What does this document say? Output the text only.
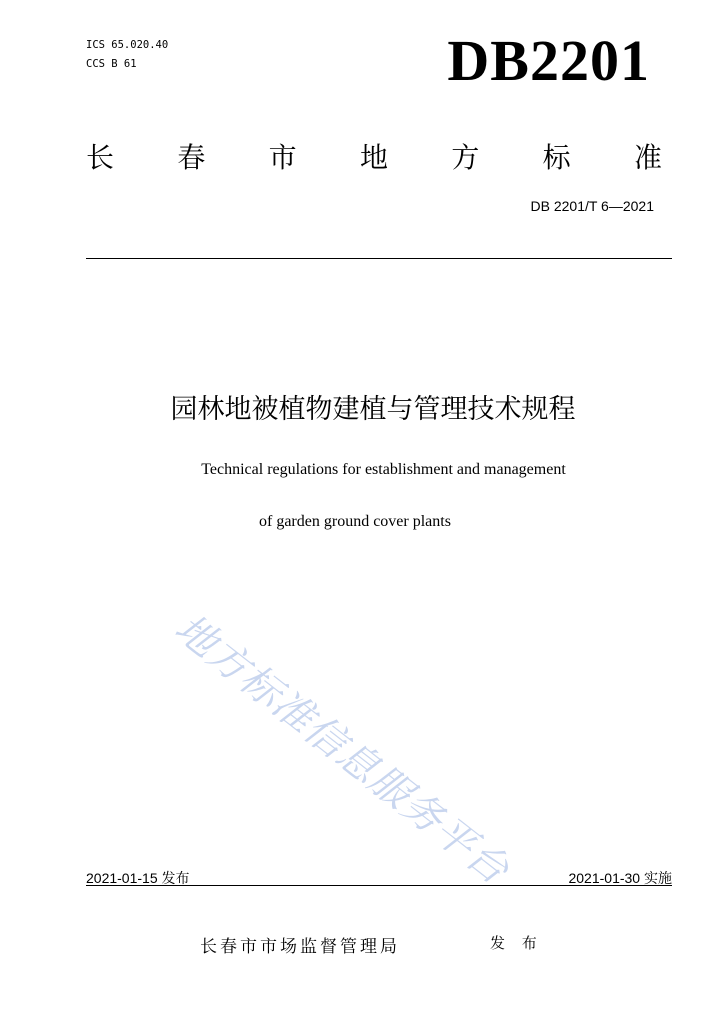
ICS 65.020.40
CCS B 61	DB2201
长 春 市 地 方 标 准
DB 2201/T 6—2021
园林地被植物建植与管理技术规程
Technical regulations for establishment and management
of garden ground cover plants
地方标准信息服务平台
2021-01-15 发布	2021-01-30 实施
长春市市场监督管理局	发 布
